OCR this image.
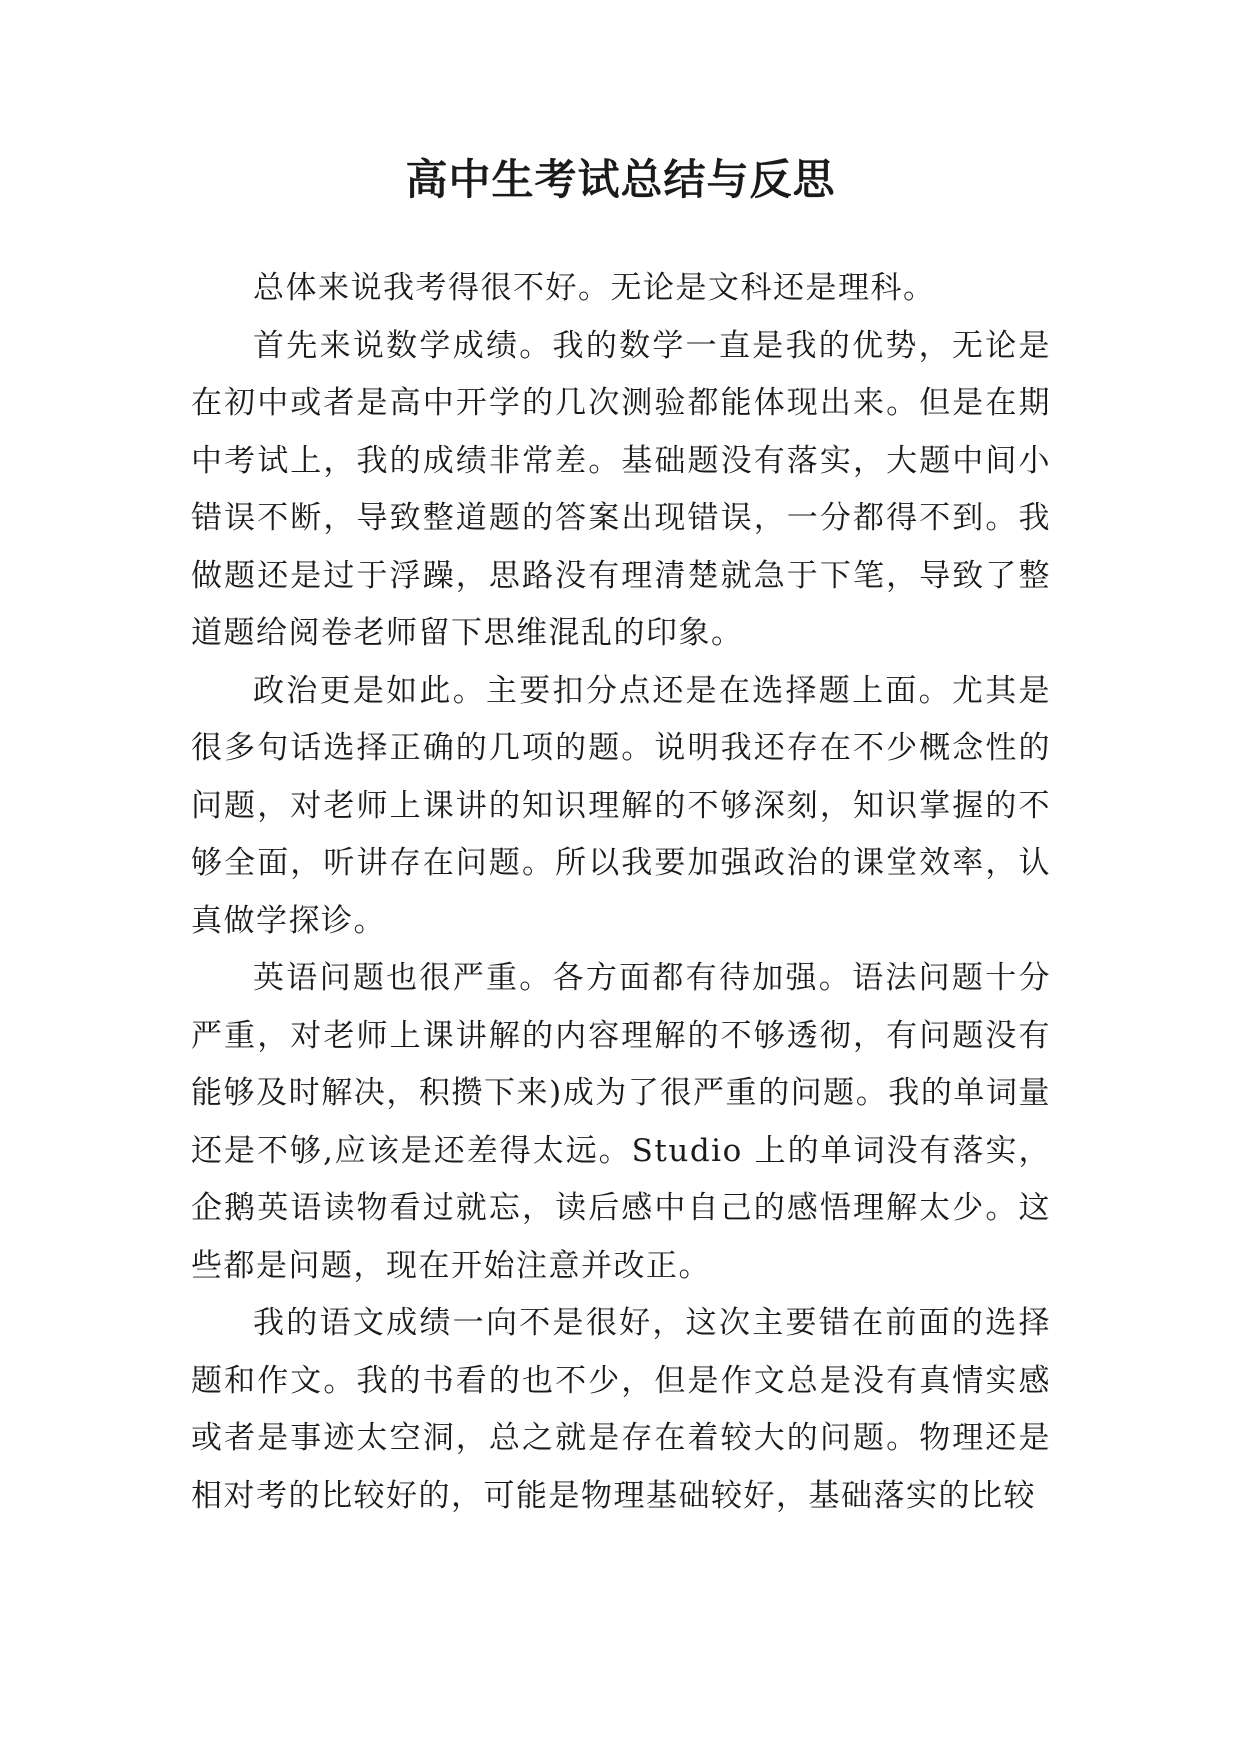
高中生考试总结与反思

总体来说我考得很不好。无论是文科还是理科。

首先来说数学成绩。我的数学一直是我的优势，无论是在初中或者是高中开学的几次测验都能体现出来。但是在期中考试上，我的成绩非常差。基础题没有落实，大题中间小错误不断，导致整道题的答案出现错误，一分都得不到。我做题还是过于浮躁，思路没有理清楚就急于下笔，导致了整道题给阅卷老师留下思维混乱的印象。

政治更是如此。主要扣分点还是在选择题上面。尤其是很多句话选择正确的几项的题。说明我还存在不少概念性的问题，对老师上课讲的知识理解的不够深刻，知识掌握的不够全面，听讲存在问题。所以我要加强政治的课堂效率，认真做学探诊。

英语问题也很严重。各方面都有待加强。语法问题十分严重，对老师上课讲解的内容理解的不够透彻，有问题没有能够及时解决，积攒下来)成为了很严重的问题。我的单词量还是不够,应该是还差得太远。Studio 上的单词没有落实，企鹅英语读物看过就忘，读后感中自己的感悟理解太少。这些都是问题，现在开始注意并改正。

我的语文成绩一向不是很好，这次主要错在前面的选择题和作文。我的书看的也不少，但是作文总是没有真情实感或者是事迹太空洞，总之就是存在着较大的问题。物理还是相对考的比较好的，可能是物理基础较好，基础落实的比较
